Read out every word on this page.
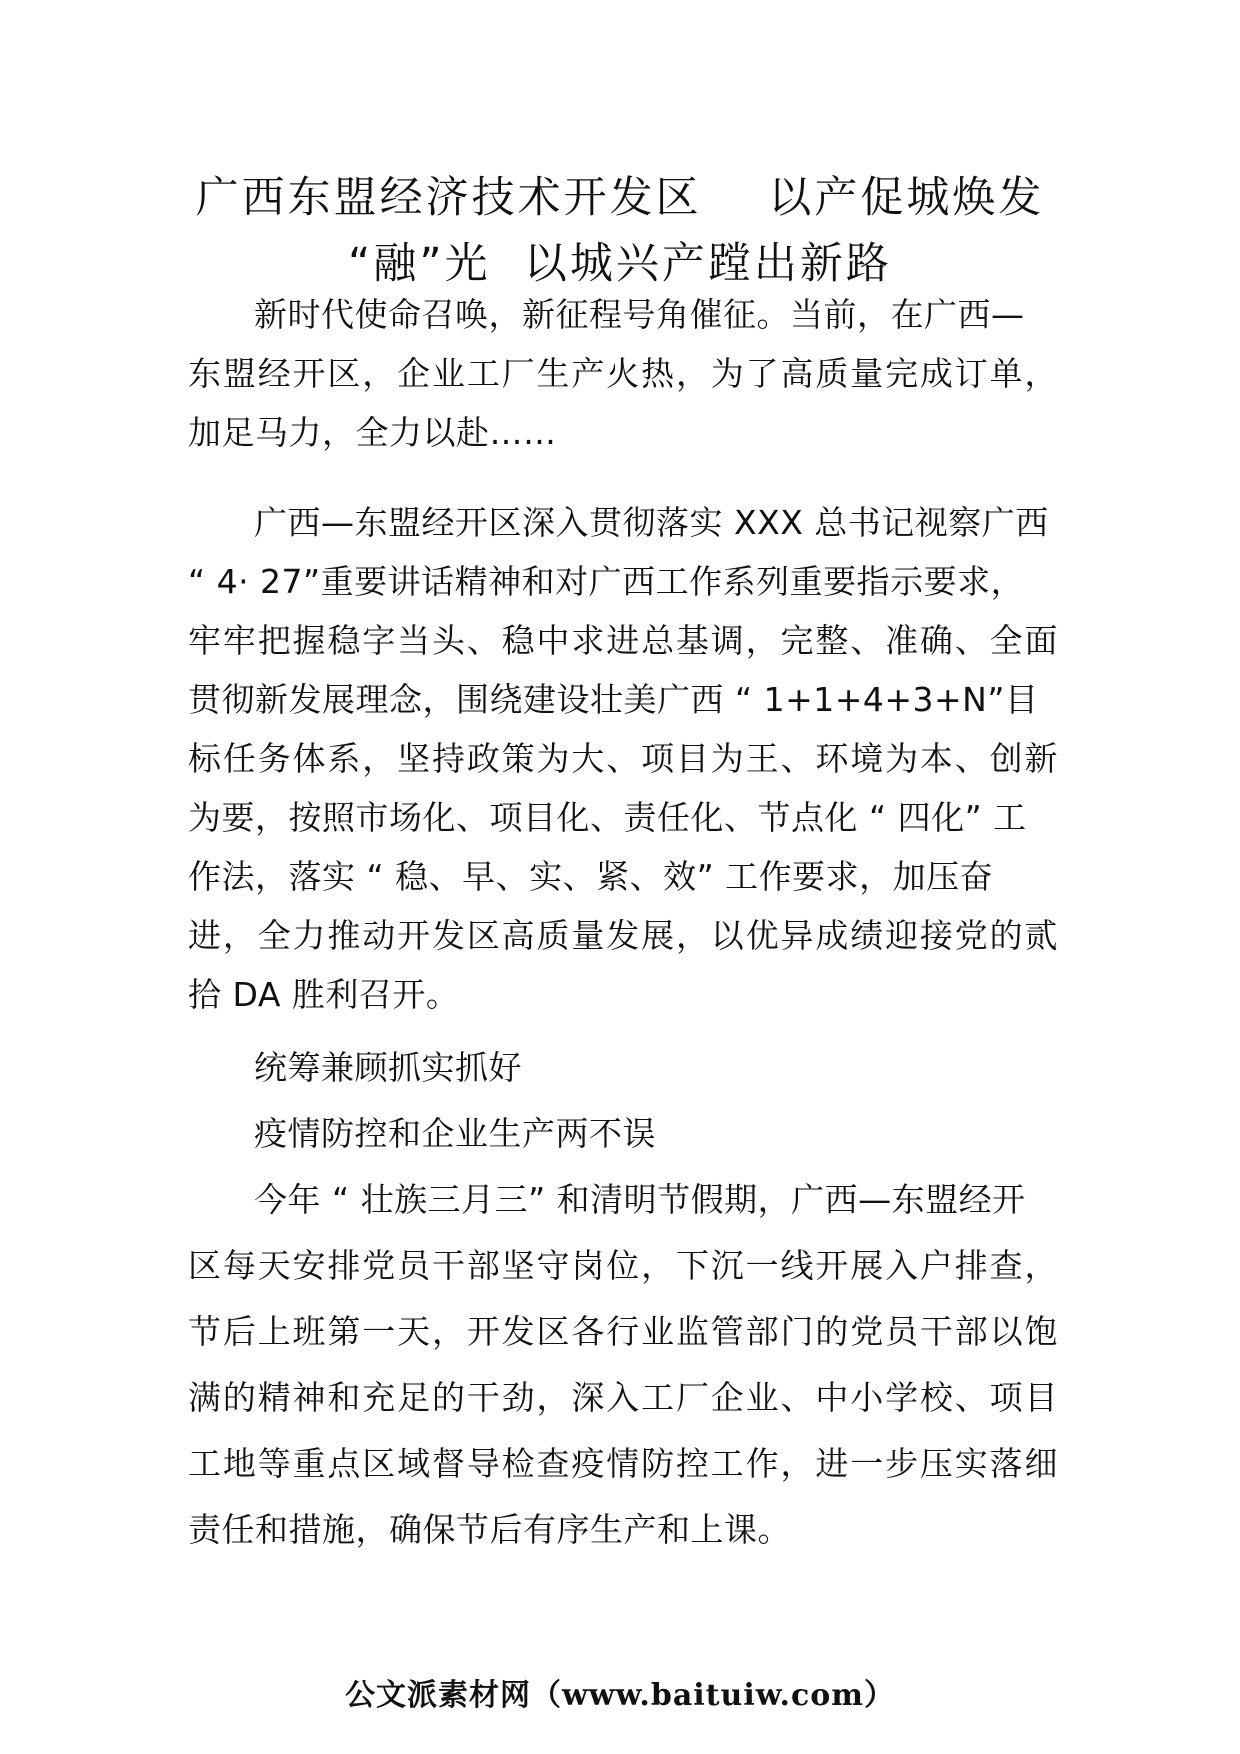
广西东盟经济技术开发区    以产促城焕发
“融”光  以城兴产蹚出新路
新时代使命召唤，新征程号角催征。当前，在广西—
东盟经开区，企业工厂生产火热，为了高质量完成订单，
加足马力，全力以赴……
广西—东盟经开区深入贯彻落实 XXX 总书记视察广西
“ 4· 27”重要讲话精神和对广西工作系列重要指示要求，
牢牢把握稳字当头、稳中求进总基调，完整、准确、全面
贯彻新发展理念，围绕建设壮美广西 “ 1+1+4+3+N”目
标任务体系，坚持政策为大、项目为王、环境为本、创新
为要，按照市场化、项目化、责任化、节点化 “ 四化” 工
作法，落实 “ 稳、早、实、紧、效” 工作要求，加压奋
进，全力推动开发区高质量发展，以优异成绩迎接党的贰
拾 DA 胜利召开。
统筹兼顾抓实抓好
疫情防控和企业生产两不误
今年 “ 壮族三月三” 和清明节假期，广西—东盟经开
区每天安排党员干部坚守岗位，下沉一线开展入户排查，
节后上班第一天，开发区各行业监管部门的党员干部以饱
满的精神和充足的干劲，深入工厂企业、中小学校、项目
工地等重点区域督导检查疫情防控工作，进一步压实落细
责任和措施，确保节后有序生产和上课。
公文派素材网（www.baituiw.com）
